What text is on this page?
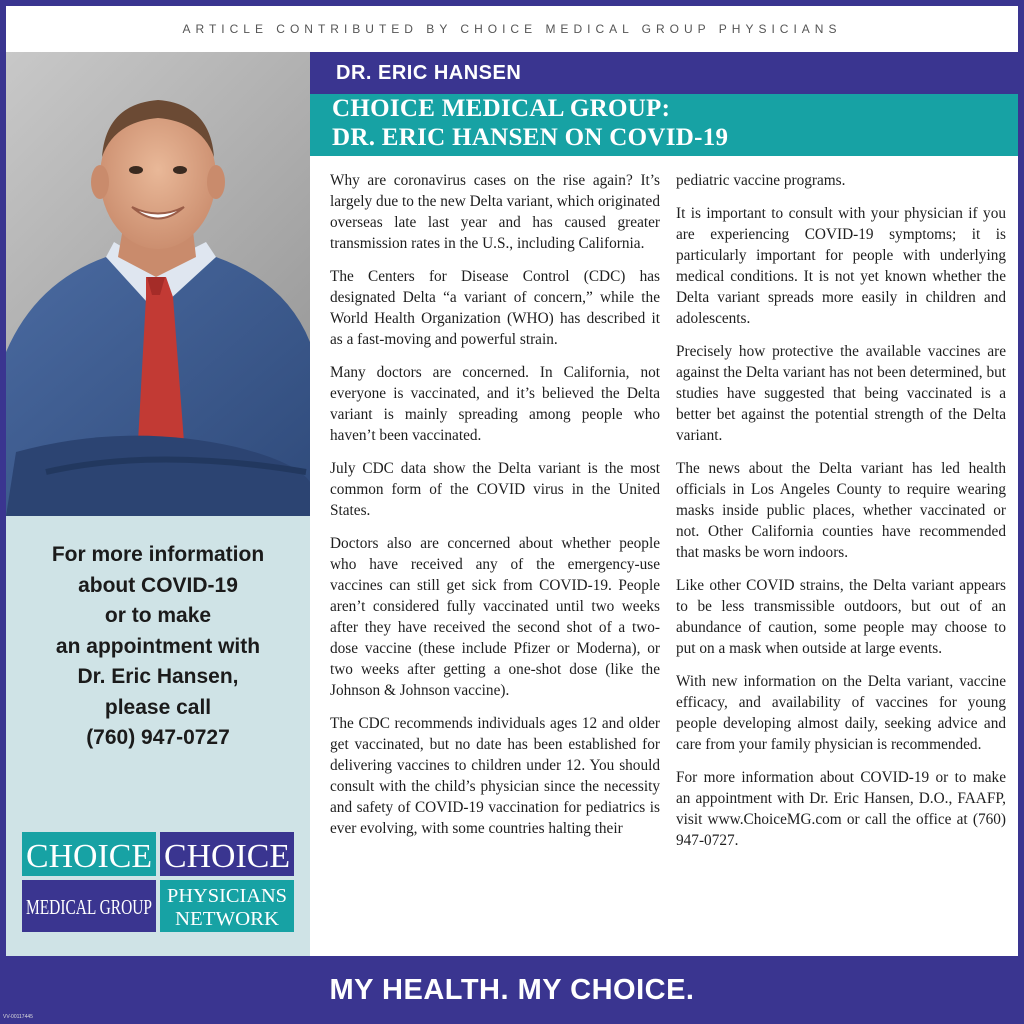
ARTICLE CONTRIBUTED BY CHOICE MEDICAL GROUP PHYSICIANS
For more information
about COVID-19
or to make
an appointment with
Dr. Eric Hansen,
please call
(760) 947-0727
CHOICE CHOICE
MEDICAL GROUP PHYSICIANS
NETWORK
DR. ERIC HANSEN
CHOICE MEDICAL GROUP:
DR. ERIC HANSEN ON COVID-19

Why are coronavirus cases on the rise again? It’s largely due to the new Delta variant, which originated overseas late last year and has caused greater transmission rates in the U.S., including California.

The Centers for Disease Control (CDC) has designated Delta “a variant of concern,” while the World Health Organization (WHO) has described it as a fast-moving and powerful strain.

Many doctors are concerned. In California, not everyone is vaccinated, and it’s believed the Delta variant is mainly spreading among people who haven’t been vaccinated.

July CDC data show the Delta variant is the most common form of the COVID virus in the United States.

Doctors also are concerned about whether people who have received any of the emergency-use vaccines can still get sick from COVID-19. People aren’t considered fully vaccinated until two weeks after they have received the second shot of a two-dose vaccine (these include Pfizer or Moderna), or two weeks after getting a one-shot dose (like the Johnson & Johnson vaccine).

The CDC recommends individuals ages 12 and older get vaccinated, but no date has been established for delivering vaccines to children under 12. You should consult with the child’s physician since the necessity and safety of COVID-19 vaccination for pediatrics is ever evolving, with some countries halting their

pediatric vaccine programs.

It is important to consult with your physician if you are experiencing COVID-19 symptoms; it is particularly important for people with underlying medical conditions. It is not yet known whether the Delta variant spreads more easily in children and adolescents.

Precisely how protective the available vaccines are against the Delta variant has not been determined, but studies have suggested that being vaccinated is a better bet against the potential strength of the Delta variant.

The news about the Delta variant has led health officials in Los Angeles County to require wearing masks inside public places, whether vaccinated or not. Other California counties have recommended that masks be worn indoors.

Like other COVID strains, the Delta variant appears to be less transmissible outdoors, but out of an abundance of caution, some people may choose to put on a mask when outside at large events.

With new information on the Delta variant, vaccine efficacy, and availability of vaccines for young people developing almost daily, seeking advice and care from your family physician is recommended.

For more information about COVID-19 or to make an appointment with Dr. Eric Hansen, D.O., FAAFP, visit www.ChoiceMG.com or call the office at (760) 947-0727.

MY HEALTH. MY CHOICE.
VV-00117445
